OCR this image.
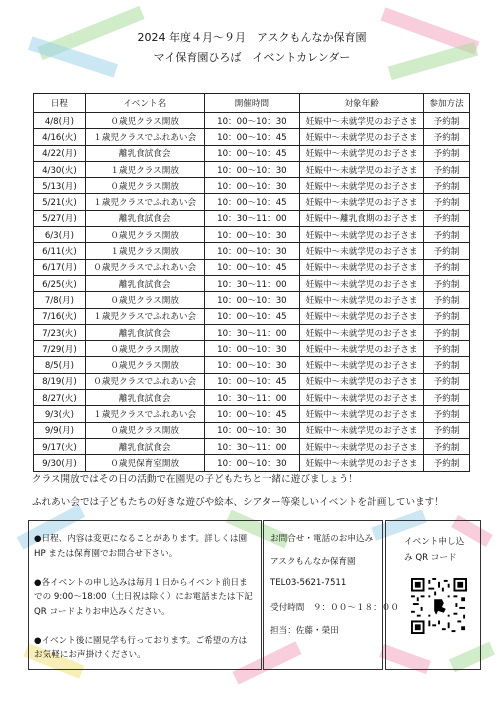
2024 年度４月～９月　アスクもんなか保育園
マイ保育園ひろば　イベントカレンダー
日程	イベント名	開催時間	対象年齢	参加方法
4/8(月)	０歳児クラス開放	10：00～10：30	妊娠中～未就学児のお子さま	予約制
4/16(火)	１歳児クラスでふれあい会	10：00～10：45	妊娠中～未就学児のお子さま	予約制
4/22(月)	離乳食試食会	10：00～10：45	妊娠中～未就学児のお子さま	予約制
4/30(火)	１歳児クラス開放	10：00～10：30	妊娠中～未就学児のお子さま	予約制
5/13(月)	０歳児クラス開放	10：00～10：30	妊娠中～未就学児のお子さま	予約制
5/21(火)	１歳児クラスでふれあい会	10：00～10：45	妊娠中～未就学児のお子さま	予約制
5/27(月)	離乳食試食会	10：30～11：00	妊娠中～離乳食期のお子さま	予約制
6/3(月)	０歳児クラス開放	10：00～10：30	妊娠中～未就学児のお子さま	予約制
6/11(火)	１歳児クラス開放	10：00～10：30	妊娠中～未就学児のお子さま	予約制
6/17(月)	０歳児クラスでふれあい会	10：00～10：45	妊娠中～未就学児のお子さま	予約制
6/25(火)	離乳食試食会	10：30～11：00	妊娠中～未就学児のお子さま	予約制
7/8(月)	０歳児クラス開放	10：00～10：30	妊娠中～未就学児のお子さま	予約制
7/16(火)	１歳児クラスでふれあい会	10：00～10：45	妊娠中～未就学児のお子さま	予約制
7/23(火)	離乳食試食会	10：30～11：00	妊娠中～未就学児のお子さま	予約制
7/29(月)	０歳児クラス開放	10：00～10：30	妊娠中～未就学児のお子さま	予約制
8/5(月)	０歳児クラス開放	10：00～10：30	妊娠中～未就学児のお子さま	予約制
8/19(月)	０歳児クラスでふれあい会	10：00～10：45	妊娠中～未就学児のお子さま	予約制
8/27(火)	離乳食試食会	10：30～11：00	妊娠中～未就学児のお子さま	予約制
9/3(火)	１歳児クラスでふれあい会	10：00～10：45	妊娠中～未就学児のお子さま	予約制
9/9(月)	０歳児クラス開放	10：00～10：30	妊娠中～未就学児のお子さま	予約制
9/17(火)	離乳食試食会	10：30～11：00	妊娠中～未就学児のお子さま	予約制
9/30(月)	０歳児保育室開放	10：00～10：30	妊娠中～未就学児のお子さま	予約制
クラス開放ではその日の活動で在園児の子どもたちと一緒に遊びましょう！
ふれあい会では子どもたちの好きな遊びや絵本、シアター等楽しいイベントを計画しています！
●日程、内容は変更になることがあります。詳しくは園
HP または保育園でお問合せ下さい。
●各イベントの申し込みは毎月１日からイベント前日ま
での 9:00～18:00（土日祝は除く）にお電話または下記
QR コードよりお申込みください。
●イベント後に園見学も行っております。ご希望の方は
お気軽にお声掛けください。
お問合せ・電話のお申込み
アスクもんなか保育園
TEL03-5621-7511
受付時間　９：００～１８：００
担当：佐藤・榮田
イベント申し込
み QR コード
